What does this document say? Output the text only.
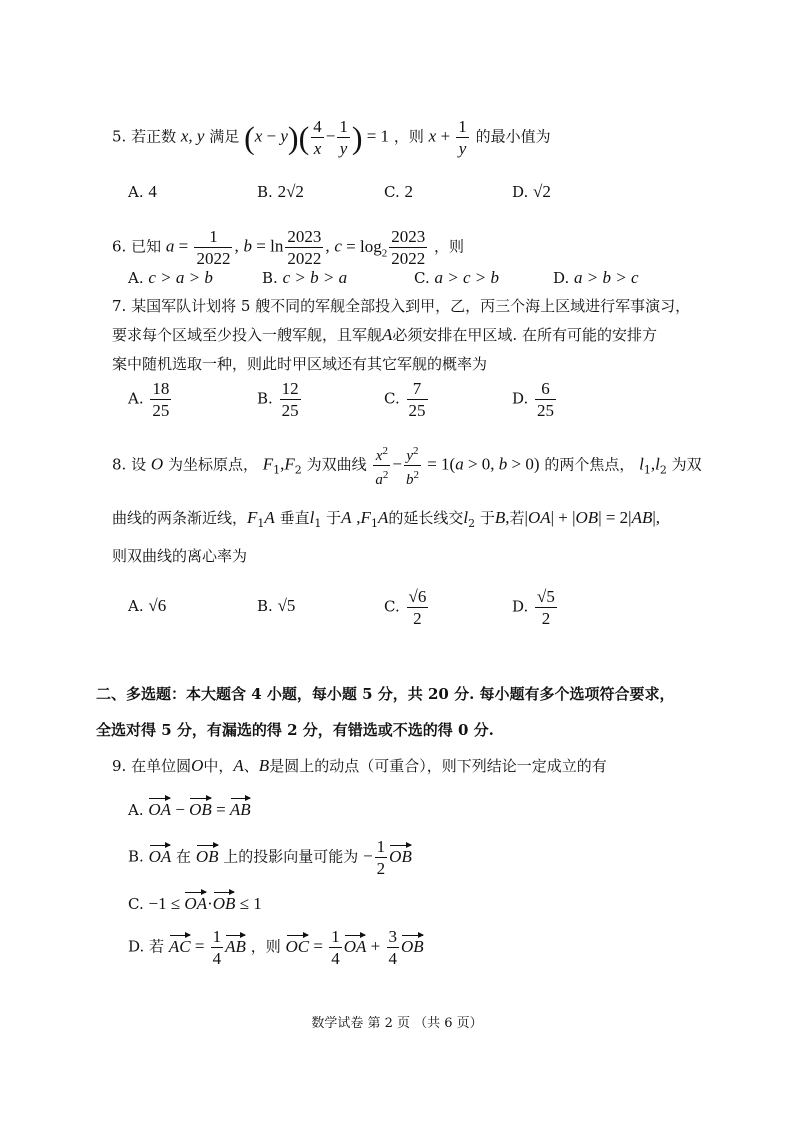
5. 若正数 x, y 满足 $(x - y)( \frac{4}{x} - \frac{1}{y}$ ) = 1 ，则 $x + \frac{1}{y}$ 的最小值为
A. 4	B. 2√2	C. 2	D. √2
6. 已知 $a = \frac{1}{2022}$ , $b = \ln \frac{2023}{2022}$ , $c = \log_2 \frac{2023}{2022}$ ，则
A. c > a > b	B. c > b > a	C. a > c > b	D. a > b > c
7. 某国军队计划将 5 艘不同的军舰全部投入到甲，乙，丙三个海上区域进行军事演习，
要求每个区域至少投入一艘军舰，且军舰A必须安排在甲区域. 在所有可能的安排方
案中随机选取一种，则此时甲区域还有其它军舰的概率为
A. $\frac{18}{25}$	B. $\frac{12}{25}$	C. $\frac{7}{25}$	D. $\frac{6}{25}$
8. 设 O 为坐标原点， $F_1,F_2$ 为双曲线 $\frac{x^2}{a^2} - \frac{y^2}{b^2} = 1(a > 0$, b > 0) 的两个焦点， $l_1,l_2$ 为双
曲线的两条渐近线，$F_1A$ 垂直$l_1$ 于A $,F_1A$的延长线交$l_2$ 于B,若|OA| + |OB| = 2|AB|,
则双曲线的离心率为
A. √6	B. √5	C. $\frac{√6}{2}$	D. $\frac{√5}{2}$
二、多选题：本大题含 4 小题，每小题 5 分，共 20 分. 每小题有多个选项符合要求，
全选对得 5 分，有漏选的得 2 分，有错选或不选的得 0 分.
9. 在单位圆O中，A、B是圆上的动点（可重合），则下列结论一定成立的有
A. OA − OB = AB
B. OA 在 OB 上的投影向量可能为 − $\frac{1}{2}$ OB
C. −1 ≤ OA·OB ≤ 1
D. 若 AC = $\frac{1}{4}$ AB ，则 OC = $\frac{1}{4}$ OA + $\frac{3}{4}$ OB
数学试卷 第 2 页 （共 6 页）
